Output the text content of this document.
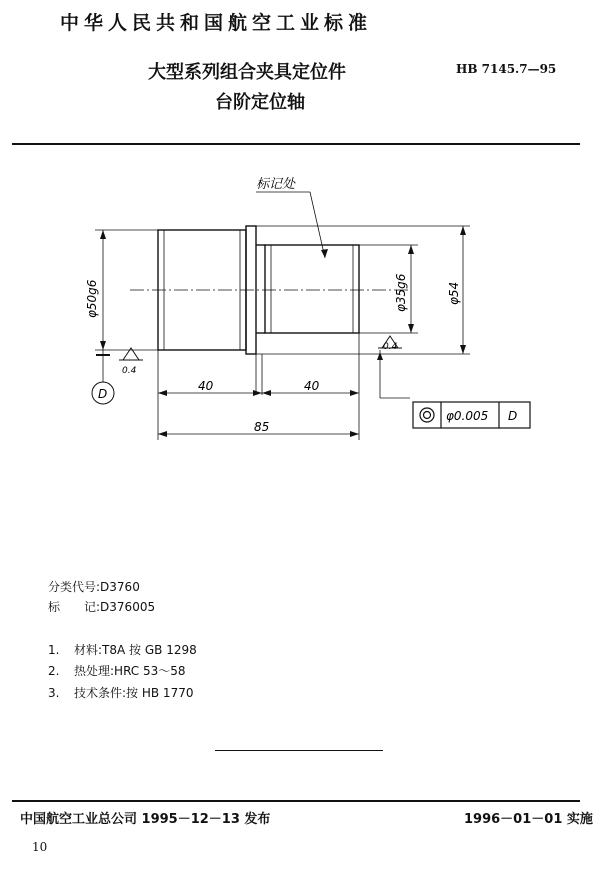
中华人民共和国航空工业标准
大型系列组合夹具定位件
台阶定位轴
HB 7145.7—95
D
0.4
0.4
标记处
φ50g6	φ35g6	φ54
40	40
85
φ0.005 D
分类代号:D3760
标　　记:D376005
1. 材料:T8A 按 GB 1298
2. 热处理:HRC 53～58
3. 技术条件:按 HB 1770
中国航空工业总公司 1995－12－13 发布	1996－01－01 实施
10
